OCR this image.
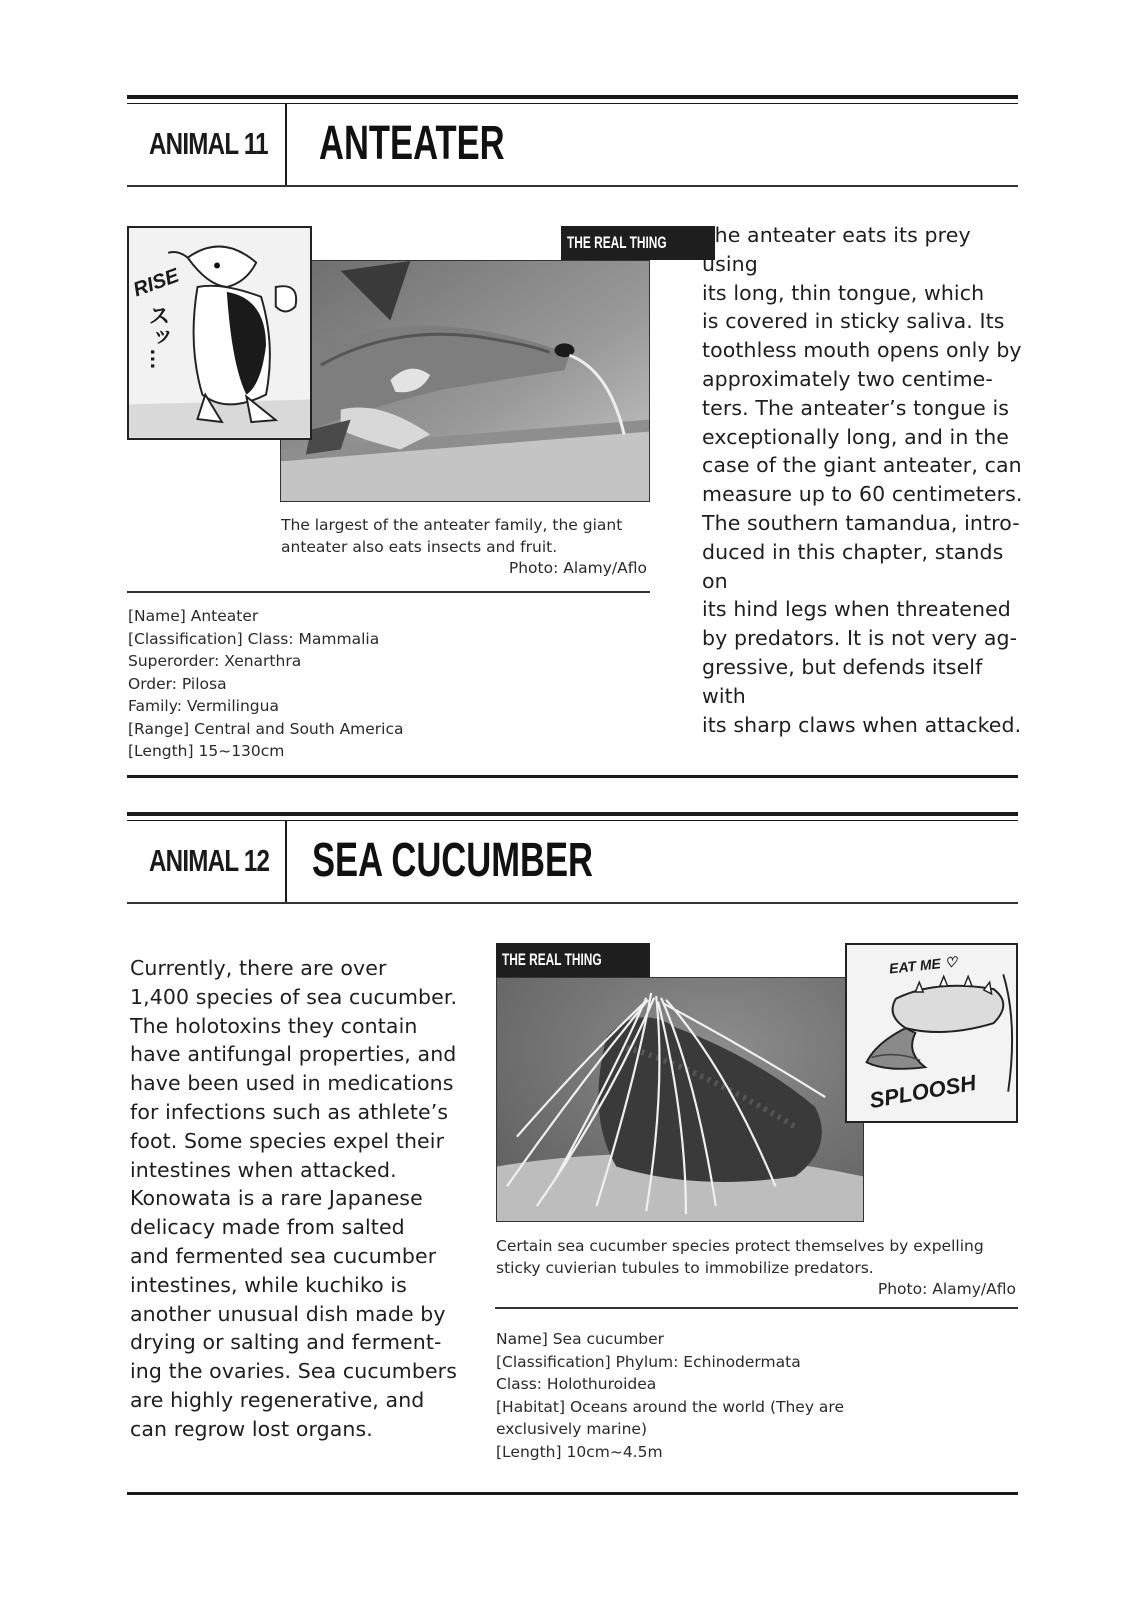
ANIMAL 11 ANTEATER
THE REAL THING
RISE
スッ…
The largest of the anteater family, the giant
anteater also eats insects and fruit.
Photo: Alamy/Aflo
[Name] Anteater
[Classification] Class: Mammalia
Superorder: Xenarthra
Order: Pilosa
Family: Vermilingua
[Range] Central and South America
[Length] 15~130cm
The anteater eats its prey using
its long, thin tongue, which
is covered in sticky saliva. Its
toothless mouth opens only by
approximately two centime-
ters. The anteater’s tongue is
exceptionally long, and in the
case of the giant anteater, can
measure up to 60 centimeters.
The southern tamandua, intro-
duced in this chapter, stands on
its hind legs when threatened
by predators. It is not very ag-
gressive, but defends itself with
its sharp claws when attacked.
ANIMAL 12 SEA CUCUMBER
Currently, there are over
1,400 species of sea cucumber.
The holotoxins they contain
have antifungal properties, and
have been used in medications
for infections such as athlete’s
foot. Some species expel their
intestines when attacked.
Konowata is a rare Japanese
delicacy made from salted
and fermented sea cucumber
intestines, while kuchiko is
another unusual dish made by
drying or salting and ferment-
ing the ovaries. Sea cucumbers
are highly regenerative, and
can regrow lost organs.
THE REAL THING	EAT ME ♡
SPLOOSH
Certain sea cucumber species protect themselves by expelling
sticky cuvierian tubules to immobilize predators.
Photo: Alamy/Aflo
Name] Sea cucumber
[Classification] Phylum: Echinodermata
Class: Holothuroidea
[Habitat] Oceans around the world (They are
exclusively marine)
[Length] 10cm~4.5m
